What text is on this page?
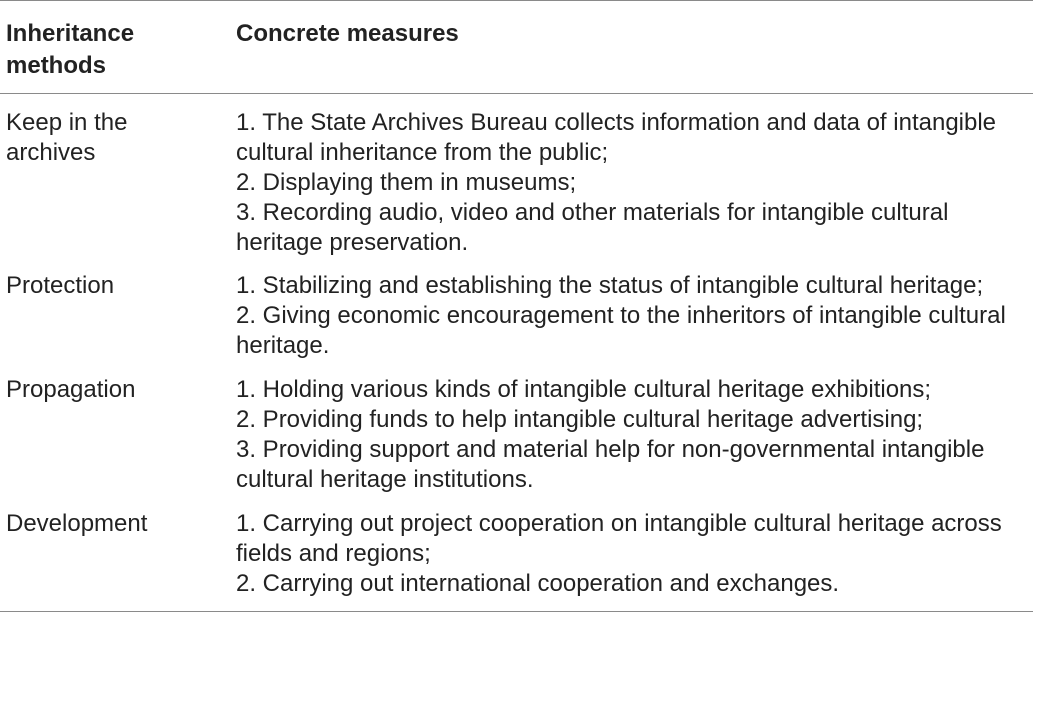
Inheritance methods	Concrete measures
Keep in the archives	1. The State Archives Bureau collects information and data of intangible cultural inheritance from the public;
2. Displaying them in museums;
3. Recording audio, video and other materials for intangible cultural heritage preservation.

Protection	1. Stabilizing and establishing the status of intangible cultural heritage;
2. Giving economic encouragement to the inheritors of intangible cultural heritage.

Propagation	1. Holding various kinds of intangible cultural heritage exhibitions;
2. Providing funds to help intangible cultural heritage advertising;
3. Providing support and material help for non-governmental intangible cultural heritage institutions.

Development	1. Carrying out project cooperation on intangible cultural heritage across fields and regions;
2. Carrying out international cooperation and exchanges.
